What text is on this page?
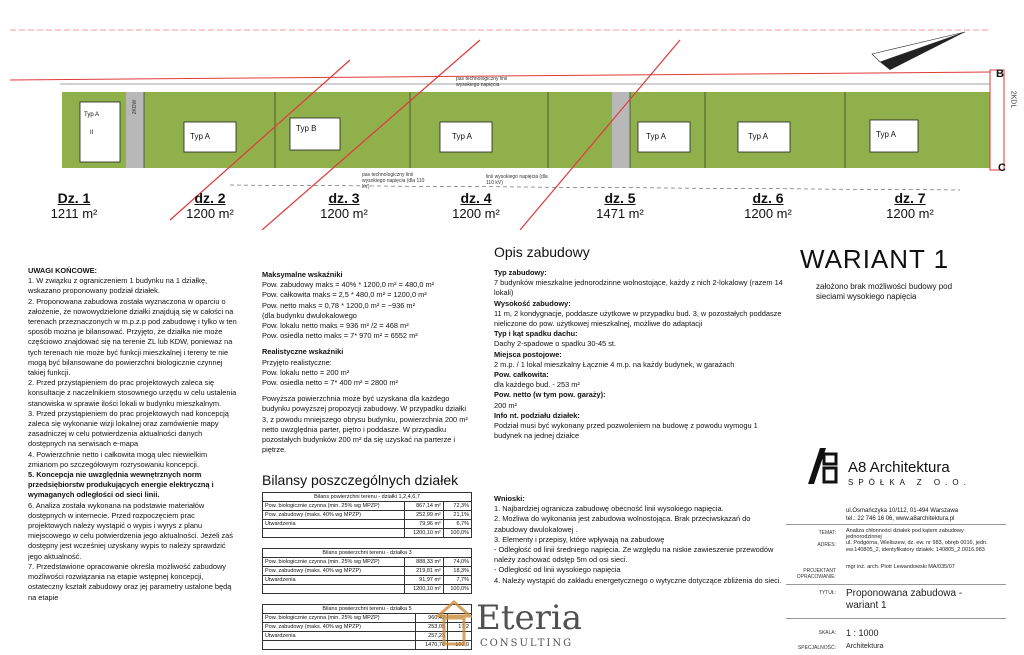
pas technologiczny linii wysokiego napięcia
pas technologiczny linii wysokiego napięcia (dla 110 kV)
linii wysokiego napięcia (dla 110 kV)
2KDW	2KDL
B
C
Typ A
II	Typ A
Typ B
Typ A	Typ A	Typ A	Typ A
Dz. 1
1211 m²
dz. 2
1200 m²
dz. 3
1200 m²
dz. 4
1200 m²
dz. 5
1471 m²
dz. 6
1200 m²
dz. 7
1200 m²
UWAGI KOŃCOWE:

1. W związku z ograniczeniem 1 budynku na 1 działkę, wskazano proponowany podział działek.

2. Proponowana zabudowa została wyznaczona w oparciu o założenie, że nowowydzielone działki znajdują się w całości na terenach przeznaczonych w m.p.z.p pod zabudowę i tylko w ten sposób można je bilansować. Przyjęto, że działka nie może częściowo znajdować się na terenie ZL lub KDW, ponieważ na tych terenach nie może być funkcji mieszkalnej i tereny te nie mogą być bilansowane do powierzchni biologicznie czynnej takiej funkcji.

2. Przed przystąpieniem do prac projektowych zaleca się konsultacje z naczelnikiem stosownego urzędu w celu ustalenia stanowiska w sprawie ilości lokali w budynku mieszkalnym.

3. Przed przystąpieniem do prac projektowych nad koncepcją zaleca się wykonanie wizji lokalnej oraz zamówienie mapy zasadniczej w celu potwierdzenia aktualności danych dostępnych na serwisach e-mapa

4. Powierzchnie netto i całkowita mogą ulec niewielkim zmianom po szczegółowym rozrysowaniu koncepcji.

5. Koncepcja nie uwzględnia wewnętrznych norm przedsiębiorstw produkujących energie elektryczną i wymaganych odległości od sieci linii.

6. Analiza została wykonana na podstawie materiałów dostępnych w internecie. Przed rozpoczęciem prac projektowych należy wystąpić o wypis i wyrys z planu miejscowego w celu potwierdzenia jego aktualności. Jeżeli zaś dostępny jest wcześniej uzyskany wypis to należy sprawdzić jego aktualność.

7. Przedstawione opracowanie określa możliwość zabudowy możliwości rozwiązania na etapie wstępnej koncepcji, ostateczny kształt zabudowy oraz jej parametry ustalone będą na etapie

Maksymalne wskaźniki

Pow. zabudowy maks = 40% * 1200,0 m² = 480,0 m²

Pow. całkowita maks = 2,5 * 480,0 m² = 1200,0 m²

Pow. netto maks = 0,78 * 1200,0 m² = ~936 m²

(dla budynku dwulokalowego

Pow. lokalu netto maks = 936 m² /2 = 468 m²

Pow. osiedla netto maks = 7* 970 m² = 6552 m²

Realistyczne wskaźniki

Przyjęto realistyczne:

Pow. lokalu netto = 200 m²

Pow. osiedla netto = 7* 400 m² = 2800 m²

Powyższa powierzchnia może być uzyskana dla każdego budynku powyższej propozycji zabudowy. W przypadku działki 3, z powodu mniejszego obrysu budynku, powierzchnia 200 m² netto uwzględnia parter, piętro i poddasze. W przypadku pozostałych budynków 200 m² da się uzyskać na parterze i piętrze.

Bilansy poszczególnych działek
Bilans powierzchni terenu - działki 1,2,4,6,7		
Pow. biologicznie czynna (min. 25% wg MPZP)	867,14 m²	72,3%
Pow. zabudowy (maks. 40% wg MPZP)	252,99 m²	21,1%
Utwardzenia	79,96 m²	6,7%
	1200,10 m²	100,0%
Bilans powierzchni terenu - działka 3		
Pow. biologicznie czynna (min. 25% wg MPZP)	888,33 m²	74,0%
Pow. zabudowy (maks. 40% wg MPZP)	219,81 m²	18,3%
Utwardzenia	91,97 m²	7,7%
	1200,10 m²	100,0%
Bilans powierzchni terenu - działka 5		
Pow. biologicznie czynna (min. 25% wg MPZP)	960,42	
Pow. zabudowy (maks. 40% wg MPZP)	253,05	17,2
Utwardzenia	257,23	
	1470,70	100,0
Opis zabudowy

Typ zabudowy:

7 budynków mieszkalne jednorodzinne wolnostojące, każdy z nich 2-lokalowy (razem 14 lokali)

Wysokość zabudowy:

11 m, 2 kondygnacje, poddasze użytkowe w przypadku bud. 3, w pozostałych poddasze nieliczone do pow. użytkowej mieszkalnej, możliwe do adaptacji

Typ i kąt spadku dachu:

Dachy 2-spadowe o spadku 30-45 st.

Miejsca postojowe:

2 m.p. / 1 lokal mieszkalny Łącznie 4 m.p. na każdy budynek, w garażach

Pow. całkowita:

dla każdego bud. - 253 m²

Pow. netto (w tym pow. garaży):

200 m²

Info nt. podziału działek:

Podział musi być wykonany przed pozwoleniem na budowę z powodu wymogu 1 budynek na jednej działce

Wnioski:

1. Najbardziej ogranicza zabudowę obecność linii wysokiego napięcia.

2. Możliwa do wykonania jest zabudowa wolnostojąca. Brak przeciwskazań do zabudowy dwulokalowej .

3. Elementy i przepisy, które wpływają na zabudowę

- Odległość od linii średniego napięcia. Ze względu na niskie zawieszenie przewodów należy zachować odstęp 5m od osi sieci.

- Odległość od linii wysokiego napięcia

4. Należy wystąpić do zakładu energetycznego o wytyczne dotyczące zbliżenia do sieci.

WARIANT 1
założono brak możliwości budowy pod sieciami wysokiego napięcia
A8 Architektura
SPÓŁKA Z O.O.
ul.Osmańczyka 10/112, 01-494 Warszawa
tel.: 22 746 16 06, www.a8architektura.pl
TEMAT: Analiza chłonności działek pod kątem zabudowy jednorodzinnej
ADRES: ul. Podgórna, Wieliszew, dz. ew. nr 983, obręb 0016, jedn. ew.140805_2, identyfikatory działek: 140805_2.0016.983
PROJEKTANT OPRACOWANIE:
mgr inż. arch. Piotr Lewandowski MA/035/07
TYTUŁ: Proponowana zabudowa - wariant 1
SKALA: 1 : 1000
SPECJALNOŚĆ: Architektura
Eteria
CONSULTING
